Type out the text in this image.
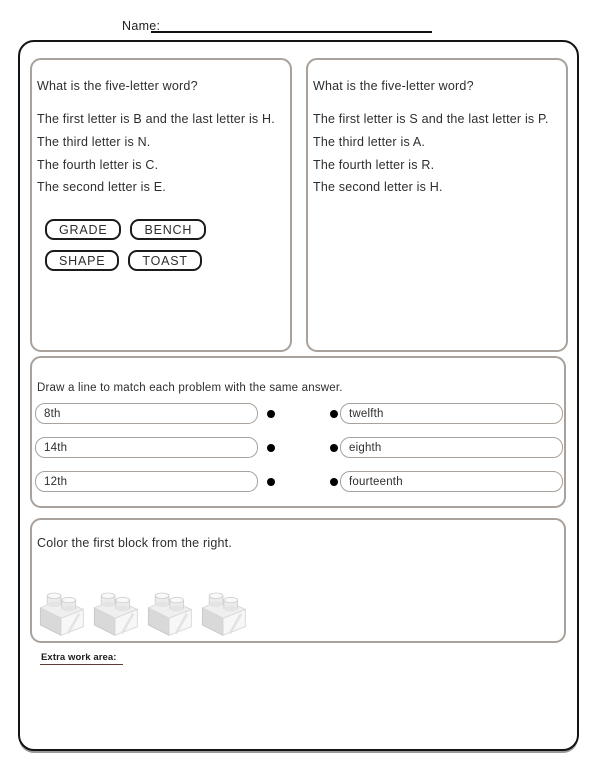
Name:
What is the five-letter word?
The first letter is B and the last letter is H.
The third letter is N.
The fourth letter is C.
The second letter is E.
GRADE	BENCH
SHAPE	TOAST
What is the five-letter word?
The first letter is S and the last letter is P.
The third letter is A.
The fourth letter is R.
The second letter is H.
Draw a line to match each problem with the same answer.
8th	twelfth
14th	eighth
12th	fourteenth
Color the first block from the right.
Extra work area:
